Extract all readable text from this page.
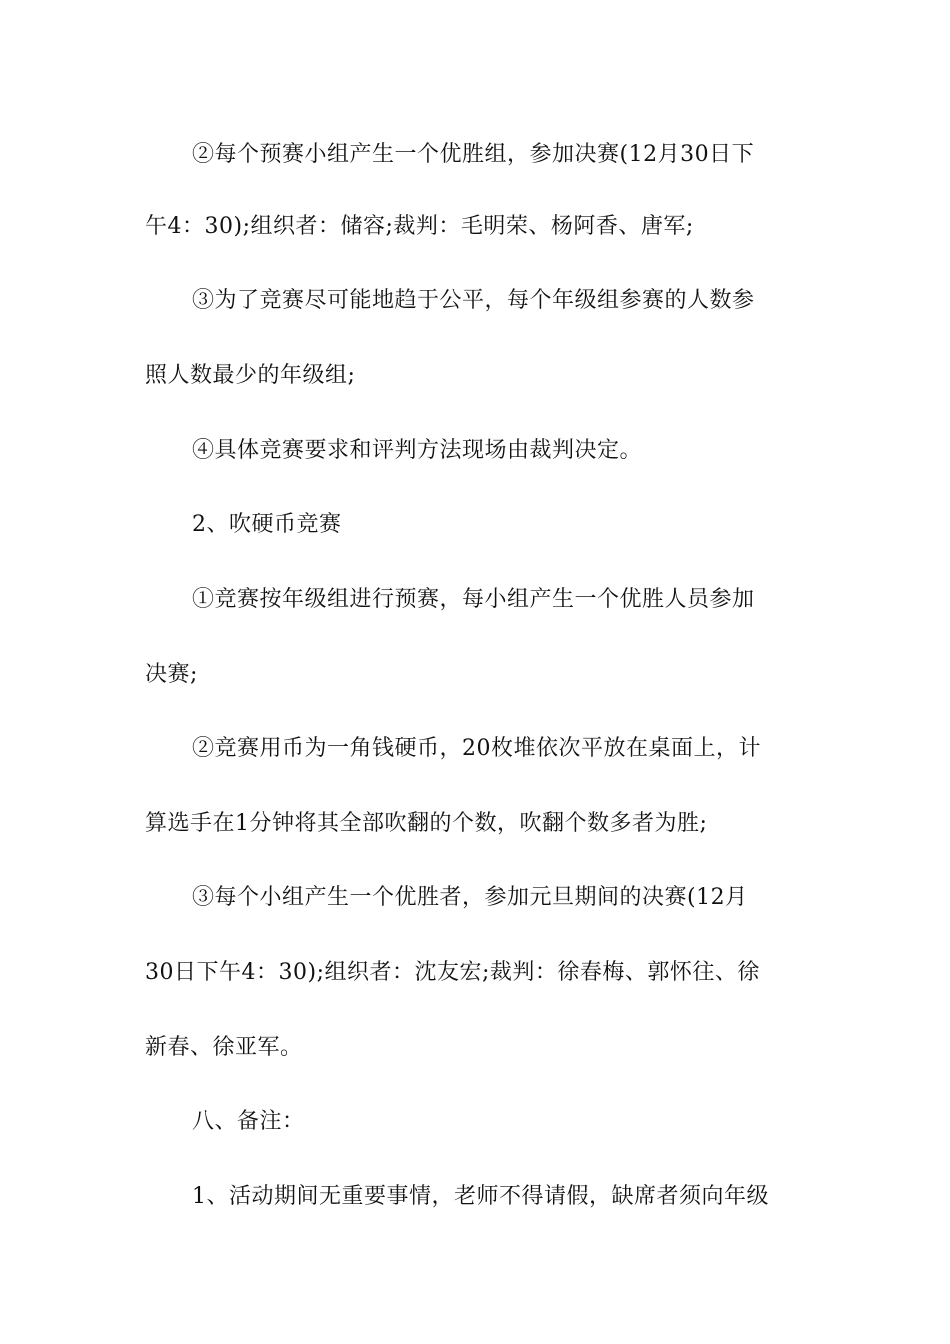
②每个预赛小组产生一个优胜组，参加决赛(12月30日下
午4：30);组织者：储容;裁判：毛明荣、杨阿香、唐军;
③为了竞赛尽可能地趋于公平，每个年级组参赛的人数参
照人数最少的年级组;
④具体竞赛要求和评判方法现场由裁判决定。
2、吹硬币竞赛
①竞赛按年级组进行预赛，每小组产生一个优胜人员参加
决赛;
②竞赛用币为一角钱硬币，20枚堆依次平放在桌面上，计
算选手在1分钟将其全部吹翻的个数，吹翻个数多者为胜;
③每个小组产生一个优胜者，参加元旦期间的决赛(12月
30日下午4：30);组织者：沈友宏;裁判：徐春梅、郭怀往、徐
新春、徐亚军。
八、备注：
1、活动期间无重要事情，老师不得请假，缺席者须向年级
